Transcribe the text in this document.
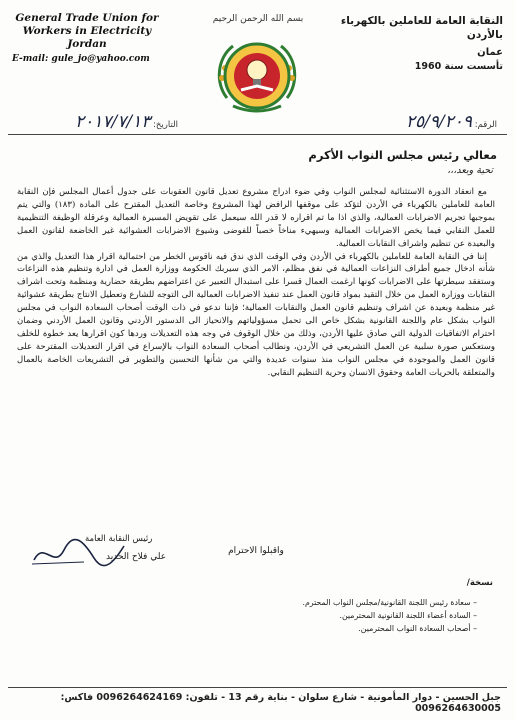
General Trade Union for Workers in Electricity Jordan
E-mail: gule_jo@yahoo.com
بسم الله الرحمن الرحيم	النقابة العامة للعاملين بالكهرباء بالأردن
عمان
تأسست سنة 1960
الرقم: ٢٥/٩/٢٠٩
التاريخ: ٢٠١٧/٧/١٣
معالي رئيس مجلس النواب الأكرم
تحية وبعد،،،

مع انعقاد الدورة الاستثنائية لمجلس النواب وفي ضوء ادراج مشروع تعديل قانون العقوبات على جدول أعمال المجلس فإن النقابة العامة للعاملين بالكهرباء في الأردن لتؤكد على موقفها الرافض لهذا المشروع وخاصة التعديل المقترح على المادة (١٨٣) والتي يتم بموجبها تجريم الاضرابات العمالية، والذي اذا ما تم اقراره لا قدر الله سيعمل على تقويض المسيرة العمالية وعرقلة الوظيفة التنظيمية للعمل النقابي فيما يخص الاضرابات العمالية وسيهيء مناخاً خصباً للفوضى وشيوع الاضرابات العشوائية غير الخاضعة لقانون العمل والبعيدة عن تنظيم واشراف النقابات العمالية.

إننا في النقابة العامة للعاملين بالكهرباء في الأردن وفي الوقت الذي ندق فيه ناقوس الخطر من احتمالية اقرار هذا التعديل والذي من شأنه ادخال جميع أطراف النزاعات العمالية في نفق مظلم، الامر الذي سيربك الحكومة ووزارة العمل في ادارة وتنظيم هذه النزاعات وستفقد سيطرتها على الاضرابات كونها ارغمت العمال قسرا على استبدال التعبير عن اعتراضهم بطريقة حضارية ومنظمة وتحت اشراف النقابات ووزارة العمل من خلال التقيد بمواد قانون العمل عند تنفيذ الاضرابات العمالية الى التوجه للشارع وتعطيل الانتاج بطريقة عشوائية غير منظمة وبعيدة عن اشراف وتنظيم قانون العمل والنقابات العمالية؛ فإننا ندعو في ذات الوقت أصحاب السعادة النواب في مجلس النواب بشكل عام واللجنة القانونية بشكل خاص الى تحمل مسؤولياتهم والانحياز الى الدستور الأردني وقانون العمل الأردني وضمان احترام الاتفاقيات الدولية التي صادق عليها الأردن، وذلك من خلال الوقوف في وجه هذه التعديلات وردها كون اقرارها يعد خطوة للخلف وستعكس صورة سلبية عن العمل التشريعي في الأردن، ونطالب أصحاب السعادة النواب بالإسراع في اقرار التعديلات المقترحة على قانون العمل والموجودة في مجلس النواب منذ سنوات عديدة والتي من شأنها التحسين والتطوير في التشريعات الخاصة بالعمال والمتعلقة بالحريات العامة وحقوق الانسان وحرية التنظيم النقابي.

واقبلوا الاحترام
رئيس النقابة العامة
علي فلاح الحديد
نسخة/
– سعادة رئيس اللجنة القانونية/مجلس النواب المحترم.
– السادة أعضاء اللجنة القانونية المحترمين.
– أصحاب السعادة النواب المحترمين.
جبل الحسين - دوار المأمونية - شارع سلوان - بناية رقم 13 - تلفون: 0096264624169 فاكس: 0096264630005
